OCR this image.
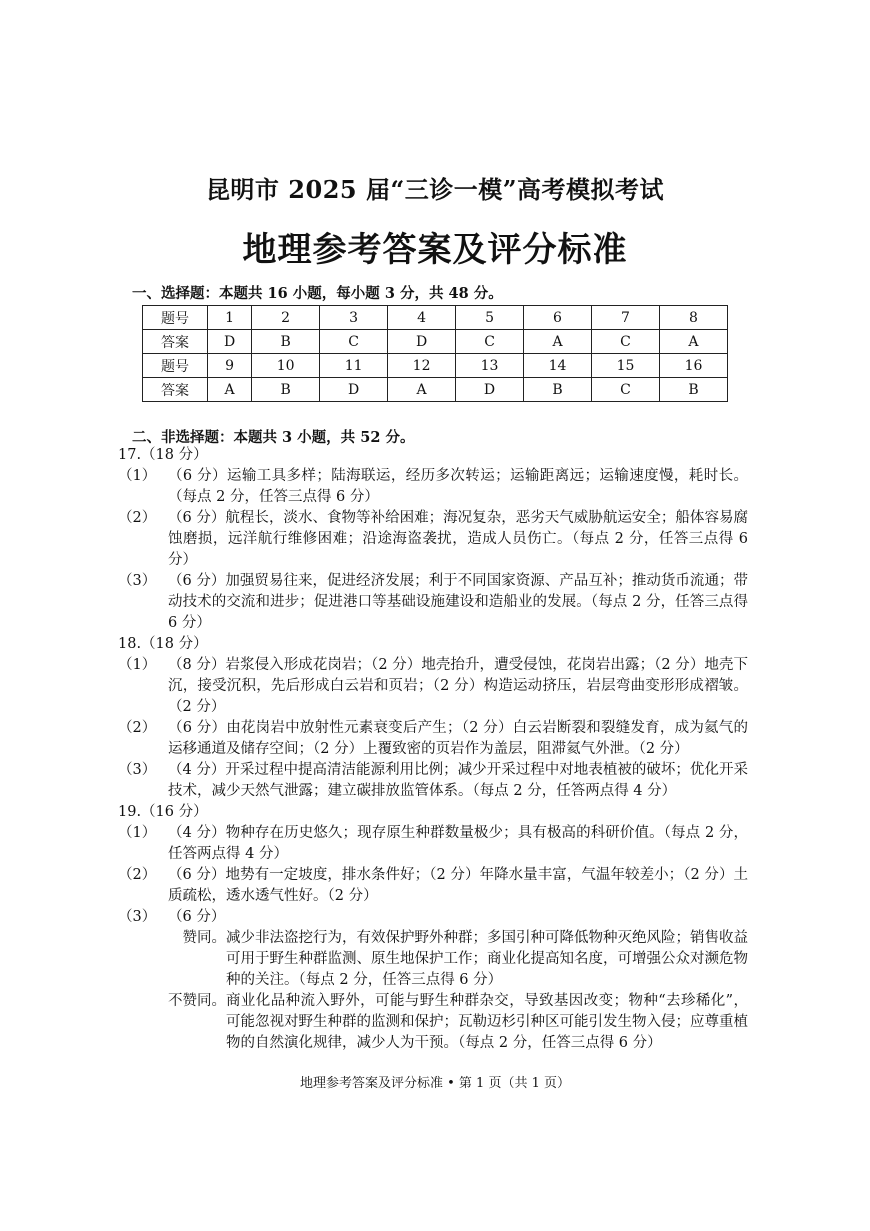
昆明市 2025 届“三诊一模”高考模拟考试
地理参考答案及评分标准
一、选择题：本题共 16 小题，每小题 3 分，共 48 分。
题号	1	2	3	4	5	6	7	8
答案	D	B	C	D	C	A	C	A
题号	9	10	11	12	13	14	15	16
答案	A	B	D	A	D	B	C	B
二、非选择题：本题共 3 小题，共 52 分。

17.（18 分）

（1） （6 分）运输工具多样；陆海联运，经历多次转运；运输距离远；运输速度慢，耗时长。（每点 2 分，任答三点得 6 分）
（2） （6 分）航程长，淡水、食物等补给困难；海况复杂，恶劣天气威胁航运安全；船体容易腐蚀磨损，远洋航行维修困难；沿途海盗袭扰，造成人员伤亡。（每点 2 分，任答三点得 6 分）
（3） （6 分）加强贸易往来，促进经济发展；利于不同国家资源、产品互补；推动货币流通；带动技术的交流和进步；促进港口等基础设施建设和造船业的发展。（每点 2 分，任答三点得 6 分）

18.（18 分）

（1） （8 分）岩浆侵入形成花岗岩；（2 分）地壳抬升，遭受侵蚀，花岗岩出露；（2 分）地壳下沉，接受沉积，先后形成白云岩和页岩；（2 分）构造运动挤压，岩层弯曲变形形成褶皱。（2 分）
（2） （6 分）由花岗岩中放射性元素衰变后产生；（2 分）白云岩断裂和裂缝发育，成为氦气的运移通道及储存空间；（2 分）上覆致密的页岩作为盖层，阻滞氦气外泄。（2 分）
（3） （4 分）开采过程中提高清洁能源利用比例；减少开采过程中对地表植被的破坏；优化开采技术，减少天然气泄露；建立碳排放监管体系。（每点 2 分，任答两点得 4 分）

19.（16 分）

（1） （4 分）物种存在历史悠久；现存原生种群数量极少；具有极高的科研价值。（每点 2 分，任答两点得 4 分）
（2） （6 分）地势有一定坡度，排水条件好；（2 分）年降水量丰富，气温年较差小；（2 分）土质疏松，透水透气性好。（2 分）
（3） （6 分）
赞同。 减少非法盗挖行为，有效保护野外种群；多国引种可降低物种灭绝风险；销售收益可用于野生种群监测、原生地保护工作；商业化提高知名度，可增强公众对濒危物种的关注。（每点 2 分，任答三点得 6 分）
不赞同。 商业化品种流入野外，可能与野生种群杂交，导致基因改变；物种“去珍稀化”，可能忽视对野生种群的监测和保护；瓦勒迈杉引种区可能引发生物入侵；应尊重植物的自然演化规律，减少人为干预。（每点 2 分，任答三点得 6 分）
地理参考答案及评分标准 • 第 1 页（共 1 页）
